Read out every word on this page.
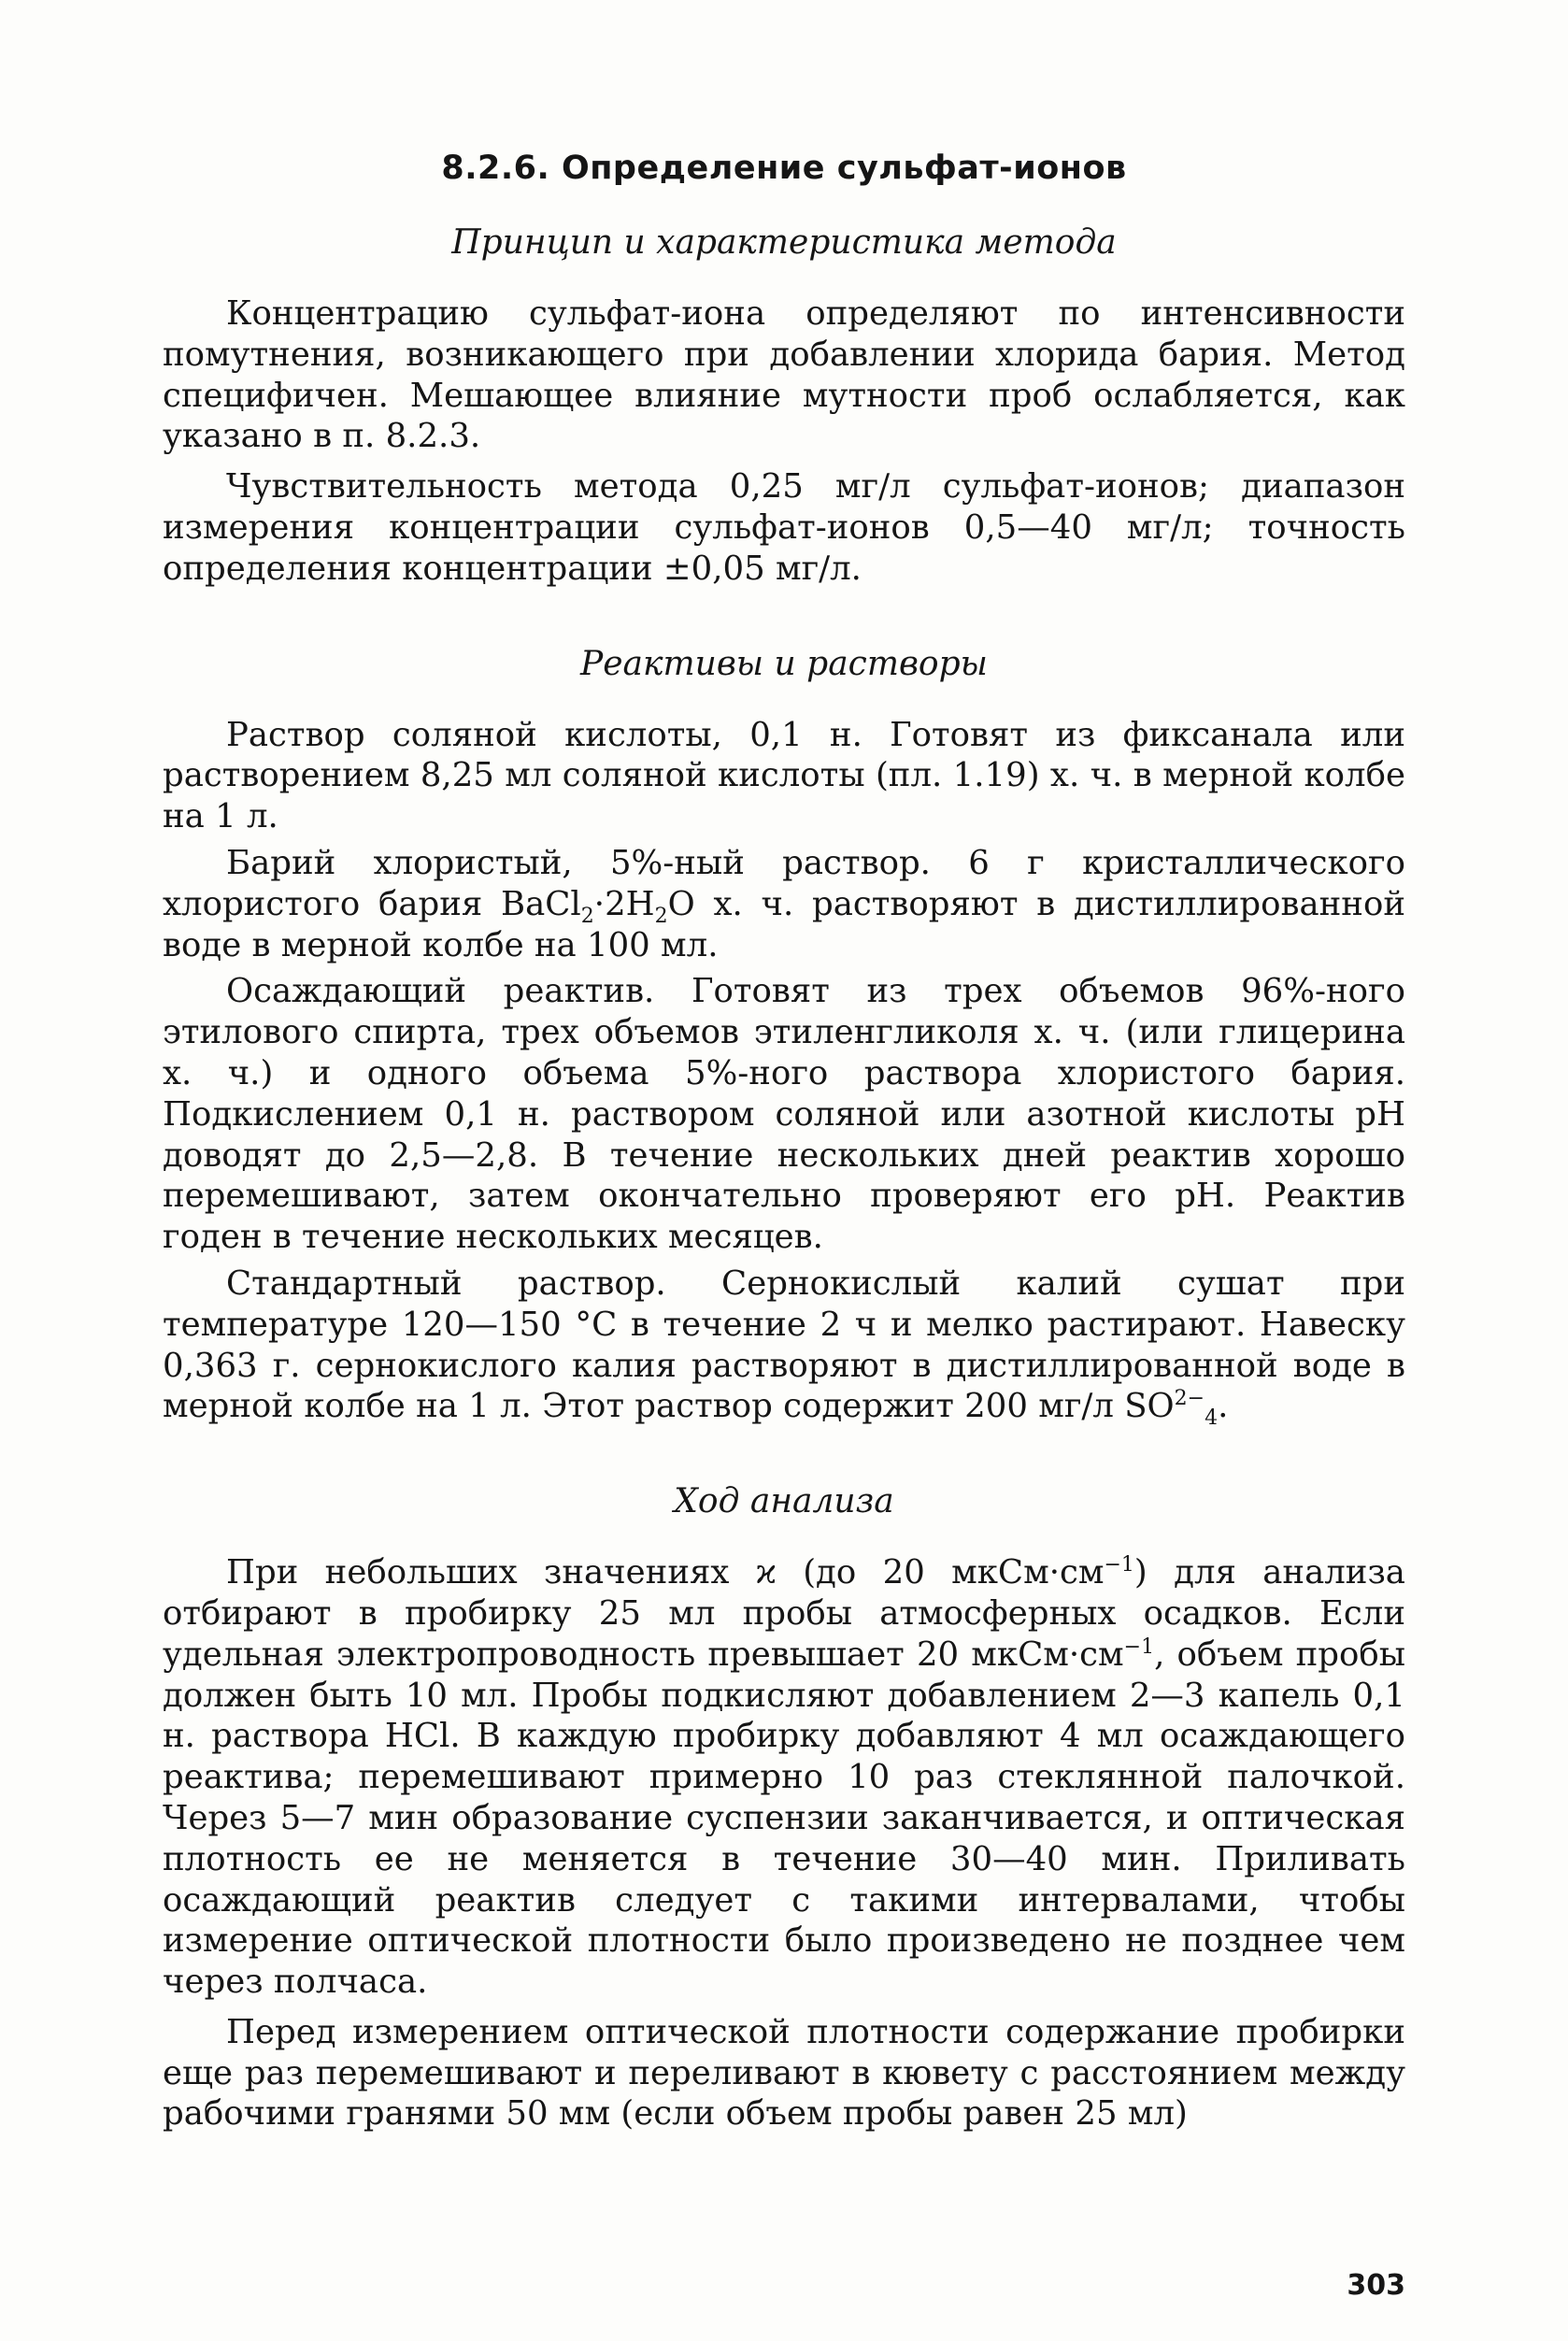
8.2.6. Определение сульфат-ионов
Принцип и характеристика метода

Концентрацию сульфат-иона определяют по интенсивности помутнения, возникающего при добавлении хлорида бария. Метод специфичен. Мешающее влияние мутности проб ослабляется, как указано в п. 8.2.3.

Чувствительность метода 0,25 мг/л сульфат-ионов; диапазон измерения концентрации сульфат-ионов 0,5—40 мг/л; точность определения концентрации ±0,05 мг/л.

Реактивы и растворы

Раствор соляной кислоты, 0,1 н. Готовят из фиксанала или растворением 8,25 мл соляной кислоты (пл. 1.19) х. ч. в мерной колбе на 1 л.

Барий хлористый, 5%-ный раствор. 6 г кристаллического хлористого бария $BaCl_2\cdot 2H_2O$ х. ч. растворяют в дистиллированной воде в мерной колбе на 100 мл.

Осаждающий реактив. Готовят из трех объемов 96%-ного этилового спирта, трех объемов этиленгликоля х. ч. (или глицерина х. ч.) и одного объема 5%-ного раствора хлористого бария. Подкислением 0,1 н. раствором соляной или азотной кислоты pH доводят до 2,5—2,8. В течение нескольких дней реактив хорошо перемешивают, затем окончательно проверяют его pH. Реактив годен в течение нескольких месяцев.

Стандартный раствор. Сернокислый калий сушат при температуре 120—150 °C в течение 2 ч и мелко растирают. Навеску 0,363 г. сернокислого калия растворяют в дистиллированной воде в мерной колбе на 1 л. Этот раствор содержит 200 мг/л $SO^{2-}_4$.

Ход анализа

При небольших значениях ϰ (до 20 $мкСм\cdot см^{-1}$) для анализа отбирают в пробирку 25 мл пробы атмосферных осадков. Если удельная электропроводность превышает 20 $мкСм\cdot см^{-1}$, объем пробы должен быть 10 мл. Пробы подкисляют добавлением 2—3 капель 0,1 н. раствора HCl. В каждую пробирку добавляют 4 мл осаждающего реактива; перемешивают примерно 10 раз стеклянной палочкой. Через 5—7 мин образование суспензии заканчивается, и оптическая плотность ее не меняется в течение 30—40 мин. Приливать осаждающий реактив следует с такими интервалами, чтобы измерение оптической плотности было произведено не позднее чем через полчаса.

Перед измерением оптической плотности содержание пробирки еще раз перемешивают и переливают в кювету с расстоянием между рабочими гранями 50 мм (если объем пробы равен 25 мл)

303
